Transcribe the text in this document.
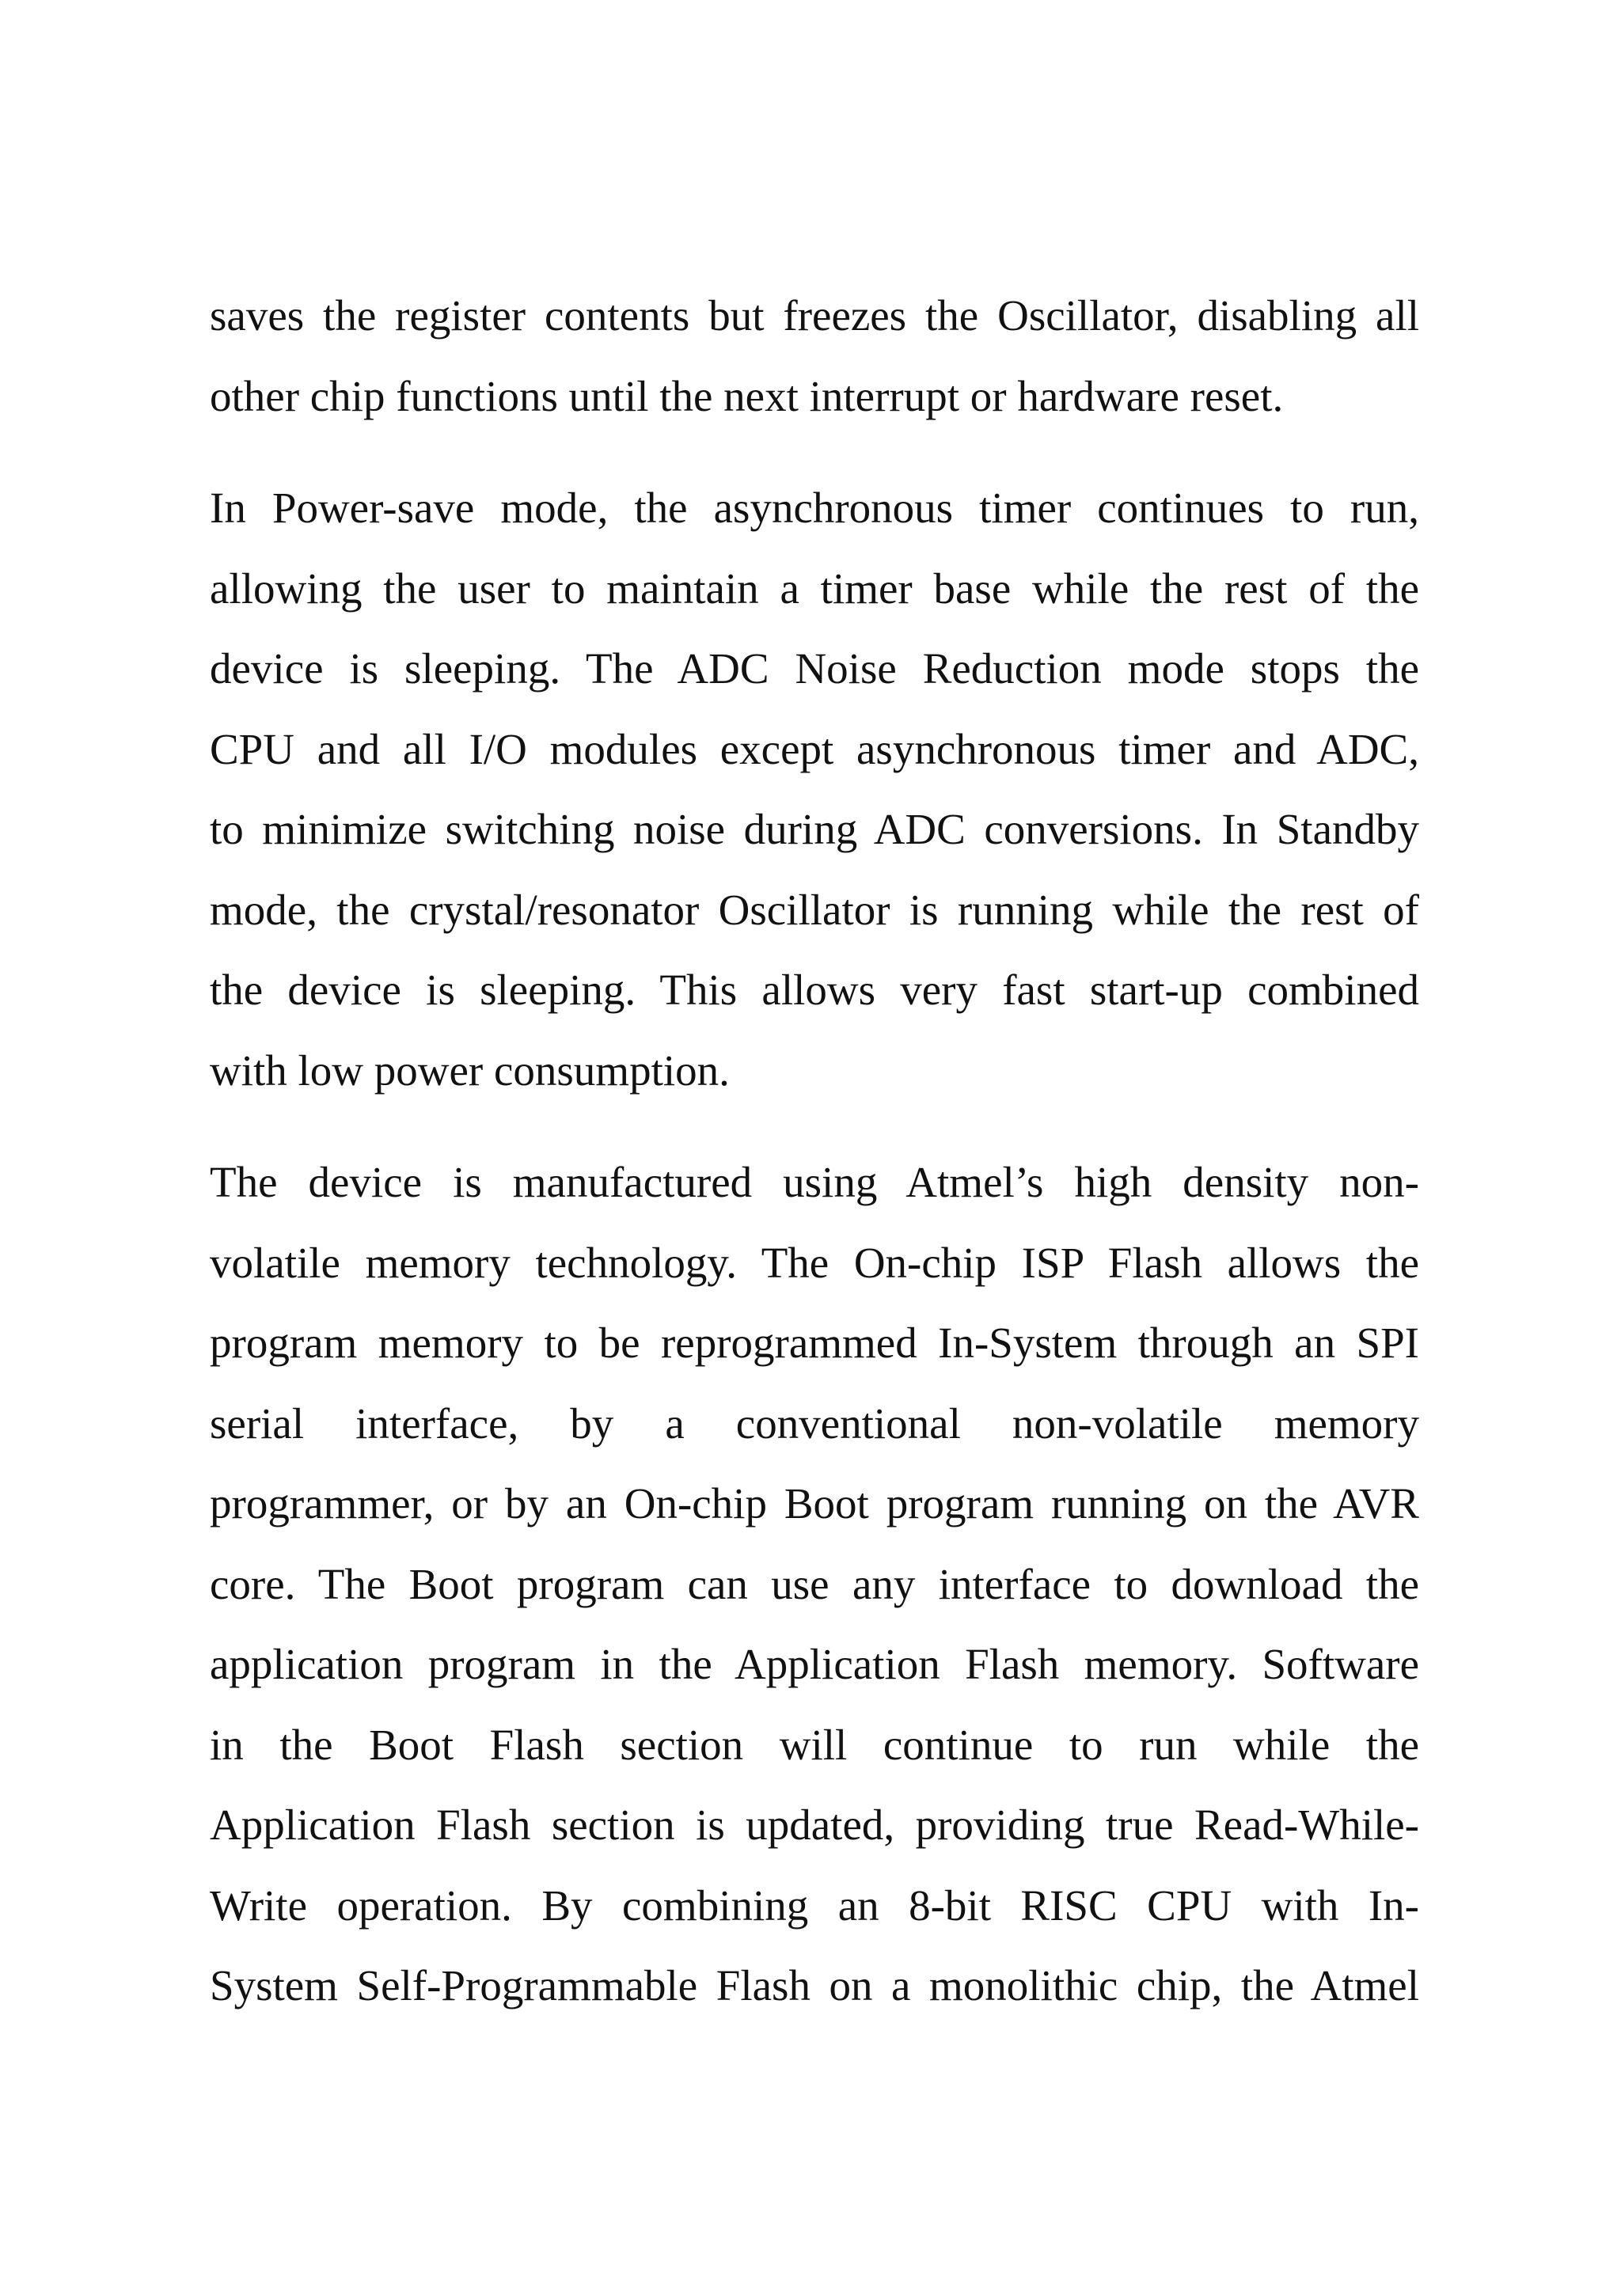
saves the register contents but freezes the Oscillator, disabling all
other chip functions until the next interrupt or hardware reset.
In Power-save mode, the asynchronous timer continues to run,
allowing the user to maintain a timer base while the rest of the
device is sleeping. The ADC Noise Reduction mode stops the
CPU and all I/O modules except asynchronous timer and ADC,
to minimize switching noise during ADC conversions. In Standby
mode, the crystal/resonator Oscillator is running while the rest of
the device is sleeping. This allows very fast start-up combined
with low power consumption.
The device is manufactured using Atmel’s high density non-
volatile memory technology. The On-chip ISP Flash allows the
program memory to be reprogrammed In-System through an SPI
serial interface, by a conventional non-volatile memory
programmer, or by an On-chip Boot program running on the AVR
core. The Boot program can use any interface to download the
application program in the Application Flash memory. Software
in the Boot Flash section will continue to run while the
Application Flash section is updated, providing true Read-While-
Write operation. By combining an 8-bit RISC CPU with In-
System Self-Programmable Flash on a monolithic chip, the Atmel
